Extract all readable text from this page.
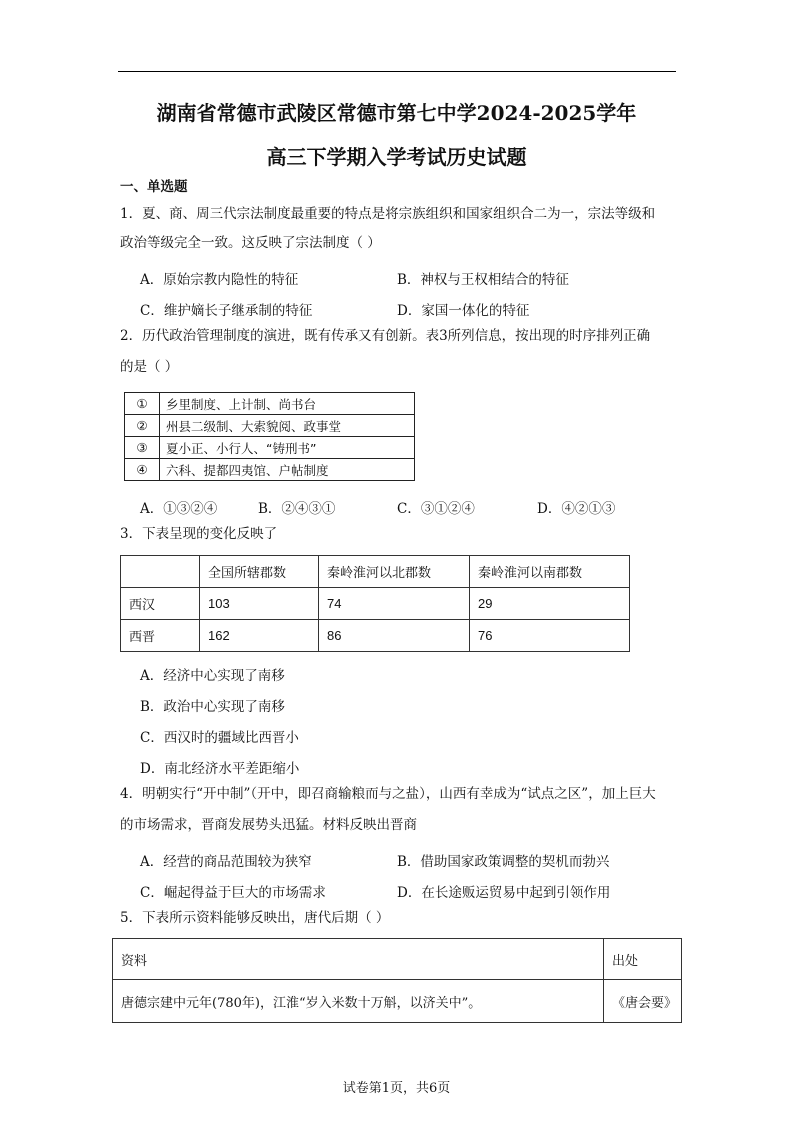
湖南省常德市武陵区常德市第七中学2024-2025学年
高三下学期入学考试历史试题
一、单选题
1．夏、商、周三代宗法制度最重要的特点是将宗族组织和国家组织合二为一，宗法等级和
政治等级完全一致。这反映了宗法制度（ ）
A．原始宗教内隐性的特征	B．神权与王权相结合的特征
C．维护嫡长子继承制的特征	D．家国一体化的特征
2．历代政治管理制度的演进，既有传承又有创新。表3所列信息，按出现的时序排列正确
的是（ ）
①	乡里制度、上计制、尚书台
②	州县二级制、大索貌阅、政事堂
③	夏小正、小行人、“铸刑书”
④	六科、提都四夷馆、户帖制度
A．①③②④	B．②④③①	C．③①②④	D．④②①③
3．下表呈现的变化反映了
	全国所辖郡数	秦岭淮河以北郡数	秦岭淮河以南郡数
西汉	103	74	29
西晋	162	86	76
A．经济中心实现了南移
B．政治中心实现了南移
C．西汉时的疆域比西晋小
D．南北经济水平差距缩小
4．明朝实行“开中制”（开中，即召商输粮而与之盐），山西有幸成为“试点之区”，加上巨大
的市场需求，晋商发展势头迅猛。材料反映出晋商
A．经营的商品范围较为狭窄	B．借助国家政策调整的契机而勃兴
C．崛起得益于巨大的市场需求	D．在长途贩运贸易中起到引领作用
5．下表所示资料能够反映出，唐代后期（ ）
资料	出处
唐德宗建中元年(780年)，江淮“岁入米数十万斛，以济关中”。	《唐会要》
试卷第1页，共6页
